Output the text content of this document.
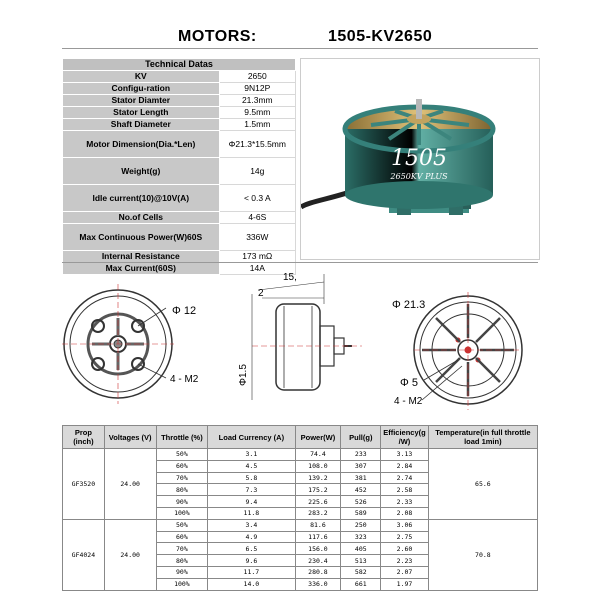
MOTORS:	1505-KV2650
Technical Datas	
KV	2650
Configu-ration	9N12P
Stator Diamter	21.3mm
Stator Length	9.5mm
Shaft Diameter	1.5mm
Motor Dimension(Dia.*Len)	Φ21.3*15.5mm
Weight(g)	14g
Idle current(10)@10V(A)	< 0.3 A
No.of Cells	4-6S
Max Continuous Power(W)60S	336W
Internal Resistance	173 mΩ
Max Current(60S)	14A
1505
2650KV PLUS
Φ 12
4 - M2
15,
2
Φ1.5
Φ 21.3
Φ 5
4 - M2
Prop (inch)	Voltages (V)	Throttle (%)	Load Currency (A)	Power(W)	Pull(g)	Efficiency(g /W)	Temperature(in full throttle load 1min)
GF3520	24.00	50%	3.1	74.4	233	3.13	65.6
		60%	4.5	108.0	307	2.84	
		70%	5.8	139.2	381	2.74	
		80%	7.3	175.2	452	2.58	
		90%	9.4	225.6	526	2.33	
		100%	11.8	283.2	589	2.08	
GF4024	24.00	50%	3.4	81.6	250	3.06	70.8
		60%	4.9	117.6	323	2.75	
		70%	6.5	156.0	405	2.60	
		80%	9.6	230.4	513	2.23	
		90%	11.7	280.8	582	2.07	
		100%	14.0	336.0	661	1.97	
